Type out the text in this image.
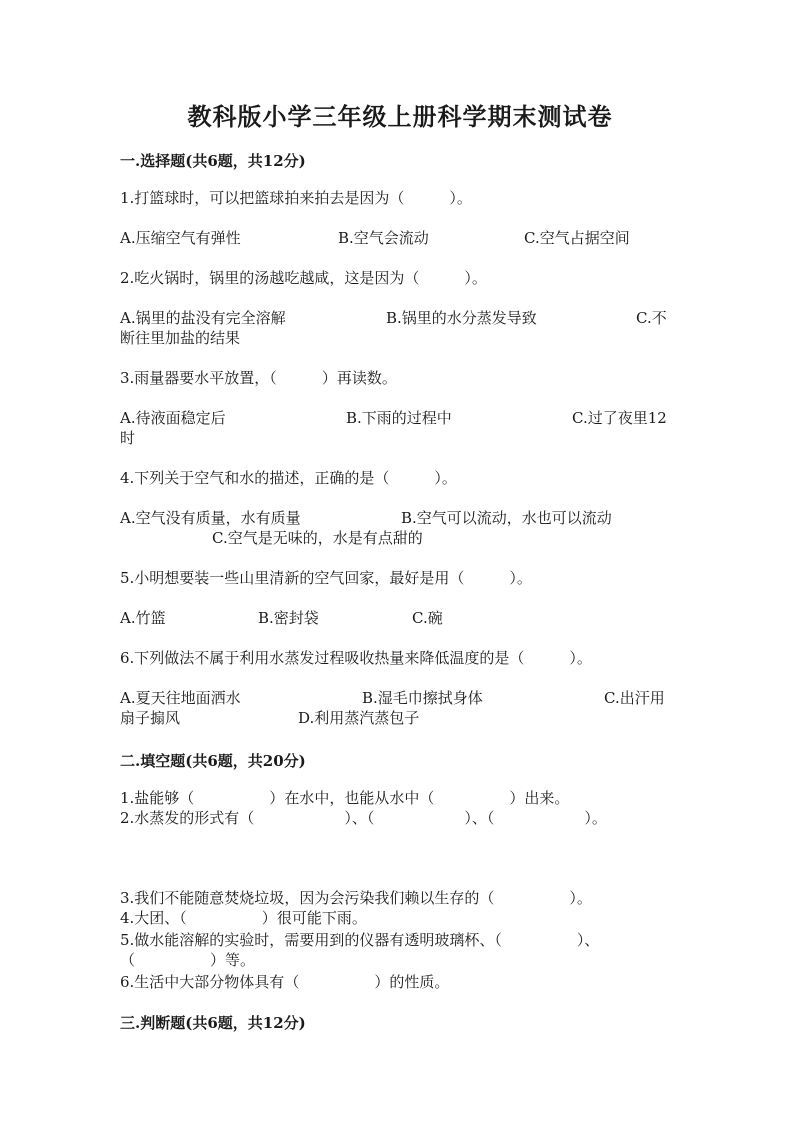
教科版小学三年级上册科学期末测试卷

一.选择题(共6题，共12分)

1.打篮球时，可以把篮球拍来拍去是因为（　　　）。

A.压缩空气有弹性	B.空气会流动	C.空气占据空间

2.吃火锅时，锅里的汤越吃越咸，这是因为（　　　）。

A.锅里的盐没有完全溶解	B.锅里的水分蒸发导致	C.不

断往里加盐的结果

3.雨量器要水平放置，（　　　）再读数。

A.待液面稳定后	B.下雨的过程中	C.过了夜里12

时

4.下列关于空气和水的描述，正确的是（　　　）。

A.空气没有质量，水有质量	B.空气可以流动，水也可以流动

C.空气是无味的，水是有点甜的

5.小明想要装一些山里清新的空气回家，最好是用（　　　）。

A.竹篮	B.密封袋	C.碗

6.下列做法不属于利用水蒸发过程吸收热量来降低温度的是（　　　）。

A.夏天往地面洒水	B.湿毛巾擦拭身体	C.出汗用

扇子搧风	D.利用蒸汽蒸包子

二.填空题(共6题，共20分)

1.盐能够（　　　　　）在水中，也能从水中（　　　　　）出来。

2.水蒸发的形式有（　　　　　　）、（　　　　　　）、（　　　　　　）。

3.我们不能随意焚烧垃圾，因为会污染我们赖以生存的（　　　　　）。

4.大团、（　　　　　）很可能下雨。

5.做水能溶解的实验时，需要用到的仪器有透明玻璃杯、（　　　　　）、

（　　　　　）等。

6.生活中大部分物体具有（　　　　　）的性质。

三.判断题(共6题，共12分)
